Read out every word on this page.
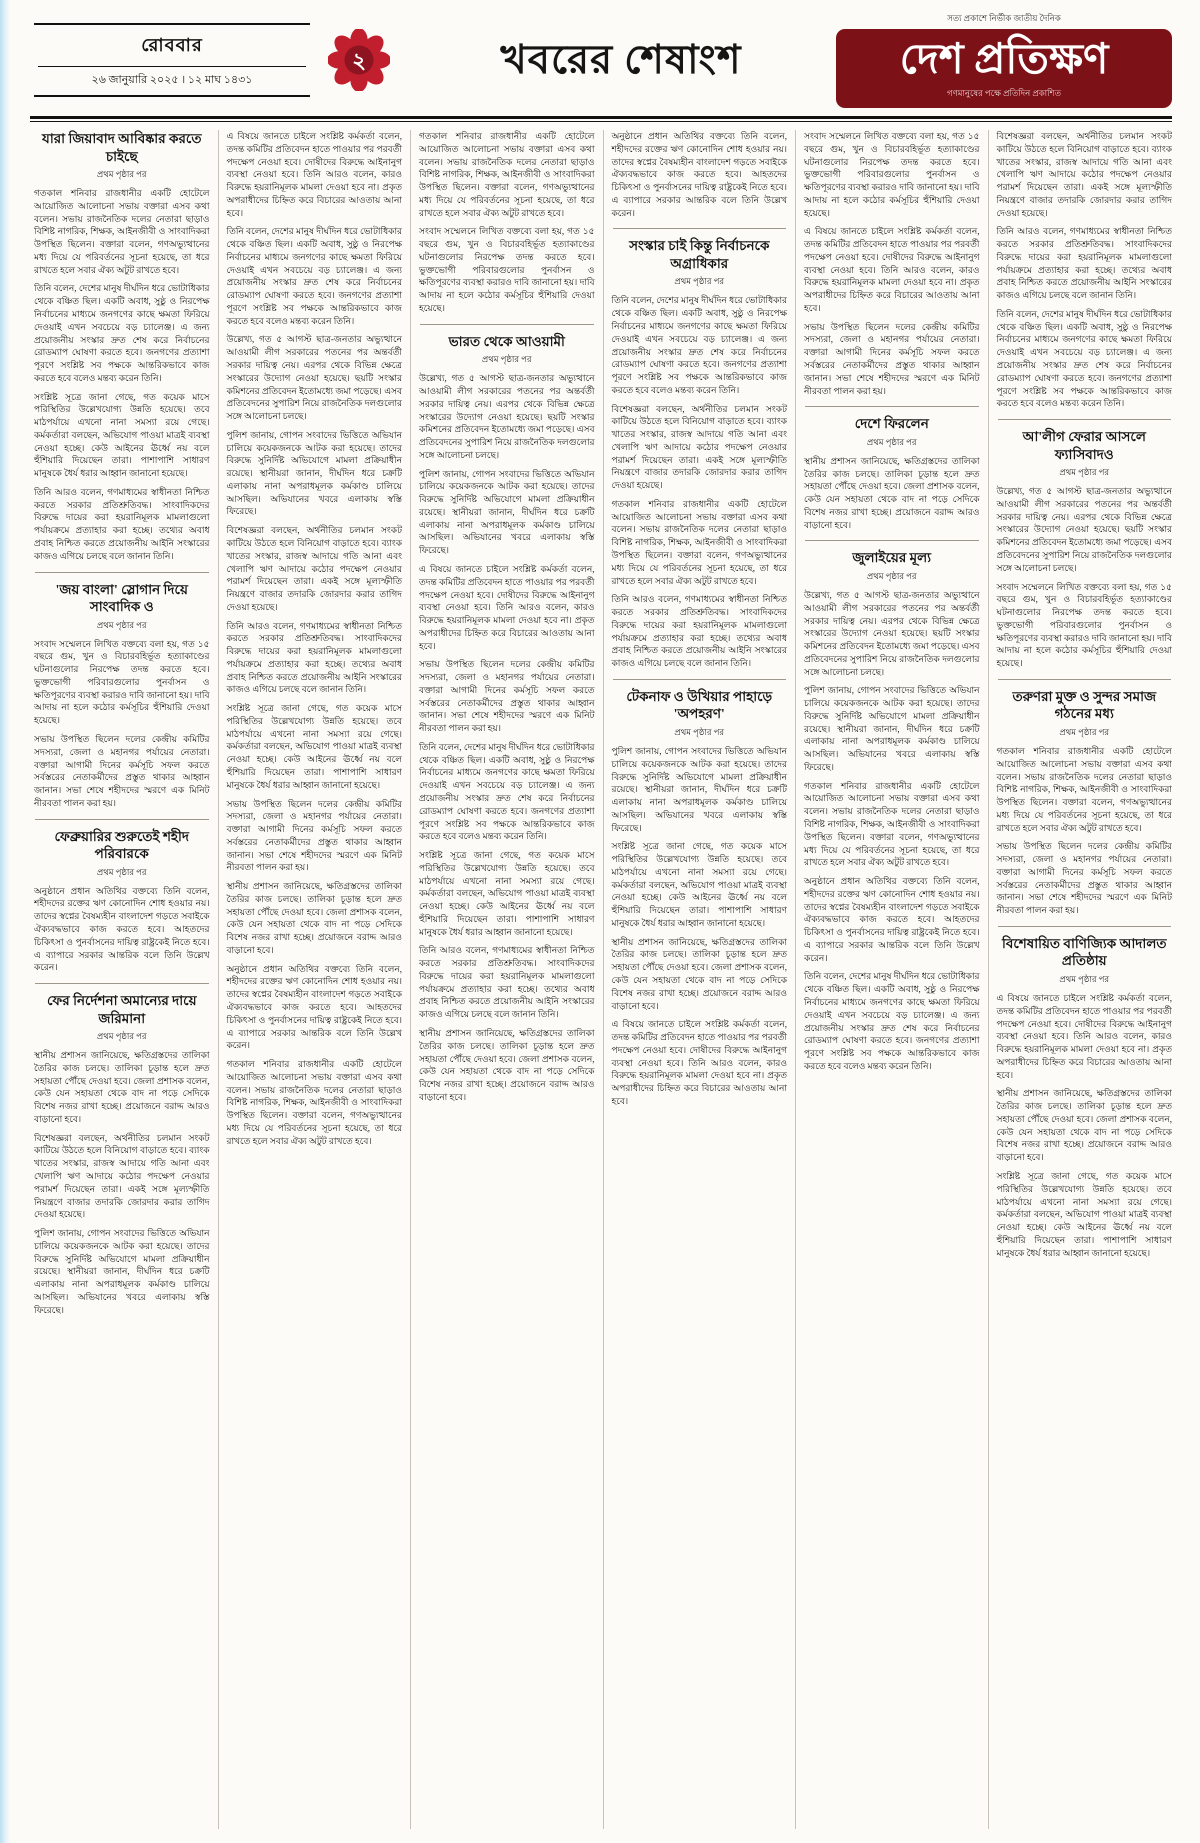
রোববার
২৬ জানুয়ারি ২০২৫ । ১২ মাঘ ১৪৩১
২	খবরের শেষাংশ
সত্য প্রকাশে নির্ভীক জাতীয় দৈনিক
দেশ প্রতিক্ষণ
গণমানুষের পক্ষে প্রতিদিন প্রকাশিত
যারা জিয়াবাদ আবিষ্কার করতে চাইছে
প্রথম পৃষ্ঠার পর
গতকাল শনিবার রাজধানীর একটি হোটেলে আয়োজিত আলোচনা সভায় বক্তারা এসব কথা বলেন। সভায় রাজনৈতিক দলের নেতারা ছাড়াও বিশিষ্ট নাগরিক, শিক্ষক, আইনজীবী ও সাংবাদিকরা উপস্থিত ছিলেন। বক্তারা বলেন, গণঅভ্যুত্থানের মধ্য দিয়ে যে পরিবর্তনের সূচনা হয়েছে, তা ধরে রাখতে হলে সবার ঐক্য অটুট রাখতে হবে।
তিনি বলেন, দেশের মানুষ দীর্ঘদিন ধরে ভোটাধিকার থেকে বঞ্চিত ছিল। একটি অবাধ, সুষ্ঠু ও নিরপেক্ষ নির্বাচনের মাধ্যমে জনগণের কাছে ক্ষমতা ফিরিয়ে দেওয়াই এখন সবচেয়ে বড় চ্যালেঞ্জ। এ জন্য প্রয়োজনীয় সংস্কার দ্রুত শেষ করে নির্বাচনের রোডম্যাপ ঘোষণা করতে হবে। জনগণের প্রত্যাশা পূরণে সংশ্লিষ্ট সব পক্ষকে আন্তরিকভাবে কাজ করতে হবে বলেও মন্তব্য করেন তিনি।
সংশ্লিষ্ট সূত্রে জানা গেছে, গত কয়েক মাসে পরিস্থিতির উল্লেখযোগ্য উন্নতি হয়েছে। তবে মাঠপর্যায়ে এখনো নানা সমস্যা রয়ে গেছে। কর্মকর্তারা বলছেন, অভিযোগ পাওয়া মাত্রই ব্যবস্থা নেওয়া হচ্ছে। কেউ আইনের ঊর্ধ্বে নয় বলে হুঁশিয়ারি দিয়েছেন তারা। পাশাপাশি সাধারণ মানুষকে ধৈর্য ধরার আহ্বান জানানো হয়েছে।
তিনি আরও বলেন, গণমাধ্যমের স্বাধীনতা নিশ্চিত করতে সরকার প্রতিশ্রুতিবদ্ধ। সাংবাদিকদের বিরুদ্ধে দায়ের করা হয়রানিমূলক মামলাগুলো পর্যায়ক্রমে প্রত্যাহার করা হচ্ছে। তথ্যের অবাধ প্রবাহ নিশ্চিত করতে প্রয়োজনীয় আইনি সংস্কারের কাজও এগিয়ে চলছে বলে জানান তিনি।
'জয় বাংলা' স্লোগান দিয়ে সাংবাদিক ও
প্রথম পৃষ্ঠার পর
সংবাদ সম্মেলনে লিখিত বক্তব্যে বলা হয়, গত ১৫ বছরে গুম, খুন ও বিচারবহির্ভূত হত্যাকাণ্ডের ঘটনাগুলোর নিরপেক্ষ তদন্ত করতে হবে। ভুক্তভোগী পরিবারগুলোর পুনর্বাসন ও ক্ষতিপূরণের ব্যবস্থা করারও দাবি জানানো হয়। দাবি আদায় না হলে কঠোর কর্মসূচির হুঁশিয়ারি দেওয়া হয়েছে।
সভায় উপস্থিত ছিলেন দলের কেন্দ্রীয় কমিটির সদস্যরা, জেলা ও মহানগর পর্যায়ের নেতারা। বক্তারা আগামী দিনের কর্মসূচি সফল করতে সর্বস্তরের নেতাকর্মীদের প্রস্তুত থাকার আহ্বান জানান। সভা শেষে শহীদদের স্মরণে এক মিনিট নীরবতা পালন করা হয়।
ফেব্রুয়ারির শুরুতেই শহীদ পরিবারকে
প্রথম পৃষ্ঠার পর
অনুষ্ঠানে প্রধান অতিথির বক্তব্যে তিনি বলেন, শহীদদের রক্তের ঋণ কোনোদিন শোধ হওয়ার নয়। তাদের স্বপ্নের বৈষম্যহীন বাংলাদেশ গড়তে সবাইকে ঐক্যবদ্ধভাবে কাজ করতে হবে। আহতদের চিকিৎসা ও পুনর্বাসনের দায়িত্ব রাষ্ট্রকেই নিতে হবে। এ ব্যাপারে সরকার আন্তরিক বলে তিনি উল্লেখ করেন।
ফের নির্দেশনা অমান্যের দায়ে জরিমানা
প্রথম পৃষ্ঠার পর
স্থানীয় প্রশাসন জানিয়েছে, ক্ষতিগ্রস্তদের তালিকা তৈরির কাজ চলছে। তালিকা চূড়ান্ত হলে দ্রুত সহায়তা পৌঁছে দেওয়া হবে। জেলা প্রশাসক বলেন, কেউ যেন সহায়তা থেকে বাদ না পড়ে সেদিকে বিশেষ নজর রাখা হচ্ছে। প্রয়োজনে বরাদ্দ আরও বাড়ানো হবে।
বিশেষজ্ঞরা বলছেন, অর্থনীতির চলমান সংকট কাটিয়ে উঠতে হলে বিনিয়োগ বাড়াতে হবে। ব্যাংক খাতের সংস্কার, রাজস্ব আদায়ে গতি আনা এবং খেলাপি ঋণ আদায়ে কঠোর পদক্ষেপ নেওয়ার পরামর্শ দিয়েছেন তারা। একই সঙ্গে মূল্যস্ফীতি নিয়ন্ত্রণে বাজার তদারকি জোরদার করার তাগিদ দেওয়া হয়েছে।
পুলিশ জানায়, গোপন সংবাদের ভিত্তিতে অভিযান চালিয়ে কয়েকজনকে আটক করা হয়েছে। তাদের বিরুদ্ধে সুনির্দিষ্ট অভিযোগে মামলা প্রক্রিয়াধীন রয়েছে। স্থানীয়রা জানান, দীর্ঘদিন ধরে চক্রটি এলাকায় নানা অপরাধমূলক কর্মকাণ্ড চালিয়ে আসছিল। অভিযানের খবরে এলাকায় স্বস্তি ফিরেছে।
এ বিষয়ে জানতে চাইলে সংশ্লিষ্ট কর্মকর্তা বলেন, তদন্ত কমিটির প্রতিবেদন হাতে পাওয়ার পর পরবর্তী পদক্ষেপ নেওয়া হবে। দোষীদের বিরুদ্ধে আইনানুগ ব্যবস্থা নেওয়া হবে। তিনি আরও বলেন, কারও বিরুদ্ধে হয়রানিমূলক মামলা দেওয়া হবে না। প্রকৃত অপরাধীদের চিহ্নিত করে বিচারের আওতায় আনা হবে।
তিনি বলেন, দেশের মানুষ দীর্ঘদিন ধরে ভোটাধিকার থেকে বঞ্চিত ছিল। একটি অবাধ, সুষ্ঠু ও নিরপেক্ষ নির্বাচনের মাধ্যমে জনগণের কাছে ক্ষমতা ফিরিয়ে দেওয়াই এখন সবচেয়ে বড় চ্যালেঞ্জ। এ জন্য প্রয়োজনীয় সংস্কার দ্রুত শেষ করে নির্বাচনের রোডম্যাপ ঘোষণা করতে হবে। জনগণের প্রত্যাশা পূরণে সংশ্লিষ্ট সব পক্ষকে আন্তরিকভাবে কাজ করতে হবে বলেও মন্তব্য করেন তিনি।
উল্লেখ্য, গত ৫ আগস্ট ছাত্র-জনতার অভ্যুত্থানে আওয়ামী লীগ সরকারের পতনের পর অন্তর্বর্তী সরকার দায়িত্ব নেয়। এরপর থেকে বিভিন্ন ক্ষেত্রে সংস্কারের উদ্যোগ নেওয়া হয়েছে। ছয়টি সংস্কার কমিশনের প্রতিবেদন ইতোমধ্যে জমা পড়েছে। এসব প্রতিবেদনের সুপারিশ নিয়ে রাজনৈতিক দলগুলোর সঙ্গে আলোচনা চলছে।
পুলিশ জানায়, গোপন সংবাদের ভিত্তিতে অভিযান চালিয়ে কয়েকজনকে আটক করা হয়েছে। তাদের বিরুদ্ধে সুনির্দিষ্ট অভিযোগে মামলা প্রক্রিয়াধীন রয়েছে। স্থানীয়রা জানান, দীর্ঘদিন ধরে চক্রটি এলাকায় নানা অপরাধমূলক কর্মকাণ্ড চালিয়ে আসছিল। অভিযানের খবরে এলাকায় স্বস্তি ফিরেছে।
বিশেষজ্ঞরা বলছেন, অর্থনীতির চলমান সংকট কাটিয়ে উঠতে হলে বিনিয়োগ বাড়াতে হবে। ব্যাংক খাতের সংস্কার, রাজস্ব আদায়ে গতি আনা এবং খেলাপি ঋণ আদায়ে কঠোর পদক্ষেপ নেওয়ার পরামর্শ দিয়েছেন তারা। একই সঙ্গে মূল্যস্ফীতি নিয়ন্ত্রণে বাজার তদারকি জোরদার করার তাগিদ দেওয়া হয়েছে।
তিনি আরও বলেন, গণমাধ্যমের স্বাধীনতা নিশ্চিত করতে সরকার প্রতিশ্রুতিবদ্ধ। সাংবাদিকদের বিরুদ্ধে দায়ের করা হয়রানিমূলক মামলাগুলো পর্যায়ক্রমে প্রত্যাহার করা হচ্ছে। তথ্যের অবাধ প্রবাহ নিশ্চিত করতে প্রয়োজনীয় আইনি সংস্কারের কাজও এগিয়ে চলছে বলে জানান তিনি।
সংশ্লিষ্ট সূত্রে জানা গেছে, গত কয়েক মাসে পরিস্থিতির উল্লেখযোগ্য উন্নতি হয়েছে। তবে মাঠপর্যায়ে এখনো নানা সমস্যা রয়ে গেছে। কর্মকর্তারা বলছেন, অভিযোগ পাওয়া মাত্রই ব্যবস্থা নেওয়া হচ্ছে। কেউ আইনের ঊর্ধ্বে নয় বলে হুঁশিয়ারি দিয়েছেন তারা। পাশাপাশি সাধারণ মানুষকে ধৈর্য ধরার আহ্বান জানানো হয়েছে।
সভায় উপস্থিত ছিলেন দলের কেন্দ্রীয় কমিটির সদস্যরা, জেলা ও মহানগর পর্যায়ের নেতারা। বক্তারা আগামী দিনের কর্মসূচি সফল করতে সর্বস্তরের নেতাকর্মীদের প্রস্তুত থাকার আহ্বান জানান। সভা শেষে শহীদদের স্মরণে এক মিনিট নীরবতা পালন করা হয়।
স্থানীয় প্রশাসন জানিয়েছে, ক্ষতিগ্রস্তদের তালিকা তৈরির কাজ চলছে। তালিকা চূড়ান্ত হলে দ্রুত সহায়তা পৌঁছে দেওয়া হবে। জেলা প্রশাসক বলেন, কেউ যেন সহায়তা থেকে বাদ না পড়ে সেদিকে বিশেষ নজর রাখা হচ্ছে। প্রয়োজনে বরাদ্দ আরও বাড়ানো হবে।
অনুষ্ঠানে প্রধান অতিথির বক্তব্যে তিনি বলেন, শহীদদের রক্তের ঋণ কোনোদিন শোধ হওয়ার নয়। তাদের স্বপ্নের বৈষম্যহীন বাংলাদেশ গড়তে সবাইকে ঐক্যবদ্ধভাবে কাজ করতে হবে। আহতদের চিকিৎসা ও পুনর্বাসনের দায়িত্ব রাষ্ট্রকেই নিতে হবে। এ ব্যাপারে সরকার আন্তরিক বলে তিনি উল্লেখ করেন।
গতকাল শনিবার রাজধানীর একটি হোটেলে আয়োজিত আলোচনা সভায় বক্তারা এসব কথা বলেন। সভায় রাজনৈতিক দলের নেতারা ছাড়াও বিশিষ্ট নাগরিক, শিক্ষক, আইনজীবী ও সাংবাদিকরা উপস্থিত ছিলেন। বক্তারা বলেন, গণঅভ্যুত্থানের মধ্য দিয়ে যে পরিবর্তনের সূচনা হয়েছে, তা ধরে রাখতে হলে সবার ঐক্য অটুট রাখতে হবে।
গতকাল শনিবার রাজধানীর একটি হোটেলে আয়োজিত আলোচনা সভায় বক্তারা এসব কথা বলেন। সভায় রাজনৈতিক দলের নেতারা ছাড়াও বিশিষ্ট নাগরিক, শিক্ষক, আইনজীবী ও সাংবাদিকরা উপস্থিত ছিলেন। বক্তারা বলেন, গণঅভ্যুত্থানের মধ্য দিয়ে যে পরিবর্তনের সূচনা হয়েছে, তা ধরে রাখতে হলে সবার ঐক্য অটুট রাখতে হবে।
সংবাদ সম্মেলনে লিখিত বক্তব্যে বলা হয়, গত ১৫ বছরে গুম, খুন ও বিচারবহির্ভূত হত্যাকাণ্ডের ঘটনাগুলোর নিরপেক্ষ তদন্ত করতে হবে। ভুক্তভোগী পরিবারগুলোর পুনর্বাসন ও ক্ষতিপূরণের ব্যবস্থা করারও দাবি জানানো হয়। দাবি আদায় না হলে কঠোর কর্মসূচির হুঁশিয়ারি দেওয়া হয়েছে।
ভারত থেকে আওয়ামী
প্রথম পৃষ্ঠার পর
উল্লেখ্য, গত ৫ আগস্ট ছাত্র-জনতার অভ্যুত্থানে আওয়ামী লীগ সরকারের পতনের পর অন্তর্বর্তী সরকার দায়িত্ব নেয়। এরপর থেকে বিভিন্ন ক্ষেত্রে সংস্কারের উদ্যোগ নেওয়া হয়েছে। ছয়টি সংস্কার কমিশনের প্রতিবেদন ইতোমধ্যে জমা পড়েছে। এসব প্রতিবেদনের সুপারিশ নিয়ে রাজনৈতিক দলগুলোর সঙ্গে আলোচনা চলছে।
পুলিশ জানায়, গোপন সংবাদের ভিত্তিতে অভিযান চালিয়ে কয়েকজনকে আটক করা হয়েছে। তাদের বিরুদ্ধে সুনির্দিষ্ট অভিযোগে মামলা প্রক্রিয়াধীন রয়েছে। স্থানীয়রা জানান, দীর্ঘদিন ধরে চক্রটি এলাকায় নানা অপরাধমূলক কর্মকাণ্ড চালিয়ে আসছিল। অভিযানের খবরে এলাকায় স্বস্তি ফিরেছে।
এ বিষয়ে জানতে চাইলে সংশ্লিষ্ট কর্মকর্তা বলেন, তদন্ত কমিটির প্রতিবেদন হাতে পাওয়ার পর পরবর্তী পদক্ষেপ নেওয়া হবে। দোষীদের বিরুদ্ধে আইনানুগ ব্যবস্থা নেওয়া হবে। তিনি আরও বলেন, কারও বিরুদ্ধে হয়রানিমূলক মামলা দেওয়া হবে না। প্রকৃত অপরাধীদের চিহ্নিত করে বিচারের আওতায় আনা হবে।
সভায় উপস্থিত ছিলেন দলের কেন্দ্রীয় কমিটির সদস্যরা, জেলা ও মহানগর পর্যায়ের নেতারা। বক্তারা আগামী দিনের কর্মসূচি সফল করতে সর্বস্তরের নেতাকর্মীদের প্রস্তুত থাকার আহ্বান জানান। সভা শেষে শহীদদের স্মরণে এক মিনিট নীরবতা পালন করা হয়।
তিনি বলেন, দেশের মানুষ দীর্ঘদিন ধরে ভোটাধিকার থেকে বঞ্চিত ছিল। একটি অবাধ, সুষ্ঠু ও নিরপেক্ষ নির্বাচনের মাধ্যমে জনগণের কাছে ক্ষমতা ফিরিয়ে দেওয়াই এখন সবচেয়ে বড় চ্যালেঞ্জ। এ জন্য প্রয়োজনীয় সংস্কার দ্রুত শেষ করে নির্বাচনের রোডম্যাপ ঘোষণা করতে হবে। জনগণের প্রত্যাশা পূরণে সংশ্লিষ্ট সব পক্ষকে আন্তরিকভাবে কাজ করতে হবে বলেও মন্তব্য করেন তিনি।
সংশ্লিষ্ট সূত্রে জানা গেছে, গত কয়েক মাসে পরিস্থিতির উল্লেখযোগ্য উন্নতি হয়েছে। তবে মাঠপর্যায়ে এখনো নানা সমস্যা রয়ে গেছে। কর্মকর্তারা বলছেন, অভিযোগ পাওয়া মাত্রই ব্যবস্থা নেওয়া হচ্ছে। কেউ আইনের ঊর্ধ্বে নয় বলে হুঁশিয়ারি দিয়েছেন তারা। পাশাপাশি সাধারণ মানুষকে ধৈর্য ধরার আহ্বান জানানো হয়েছে।
তিনি আরও বলেন, গণমাধ্যমের স্বাধীনতা নিশ্চিত করতে সরকার প্রতিশ্রুতিবদ্ধ। সাংবাদিকদের বিরুদ্ধে দায়ের করা হয়রানিমূলক মামলাগুলো পর্যায়ক্রমে প্রত্যাহার করা হচ্ছে। তথ্যের অবাধ প্রবাহ নিশ্চিত করতে প্রয়োজনীয় আইনি সংস্কারের কাজও এগিয়ে চলছে বলে জানান তিনি।
স্থানীয় প্রশাসন জানিয়েছে, ক্ষতিগ্রস্তদের তালিকা তৈরির কাজ চলছে। তালিকা চূড়ান্ত হলে দ্রুত সহায়তা পৌঁছে দেওয়া হবে। জেলা প্রশাসক বলেন, কেউ যেন সহায়তা থেকে বাদ না পড়ে সেদিকে বিশেষ নজর রাখা হচ্ছে। প্রয়োজনে বরাদ্দ আরও বাড়ানো হবে।
অনুষ্ঠানে প্রধান অতিথির বক্তব্যে তিনি বলেন, শহীদদের রক্তের ঋণ কোনোদিন শোধ হওয়ার নয়। তাদের স্বপ্নের বৈষম্যহীন বাংলাদেশ গড়তে সবাইকে ঐক্যবদ্ধভাবে কাজ করতে হবে। আহতদের চিকিৎসা ও পুনর্বাসনের দায়িত্ব রাষ্ট্রকেই নিতে হবে। এ ব্যাপারে সরকার আন্তরিক বলে তিনি উল্লেখ করেন।
সংস্কার চাই কিন্তু নির্বাচনকে অগ্রাধিকার
প্রথম পৃষ্ঠার পর
তিনি বলেন, দেশের মানুষ দীর্ঘদিন ধরে ভোটাধিকার থেকে বঞ্চিত ছিল। একটি অবাধ, সুষ্ঠু ও নিরপেক্ষ নির্বাচনের মাধ্যমে জনগণের কাছে ক্ষমতা ফিরিয়ে দেওয়াই এখন সবচেয়ে বড় চ্যালেঞ্জ। এ জন্য প্রয়োজনীয় সংস্কার দ্রুত শেষ করে নির্বাচনের রোডম্যাপ ঘোষণা করতে হবে। জনগণের প্রত্যাশা পূরণে সংশ্লিষ্ট সব পক্ষকে আন্তরিকভাবে কাজ করতে হবে বলেও মন্তব্য করেন তিনি।
বিশেষজ্ঞরা বলছেন, অর্থনীতির চলমান সংকট কাটিয়ে উঠতে হলে বিনিয়োগ বাড়াতে হবে। ব্যাংক খাতের সংস্কার, রাজস্ব আদায়ে গতি আনা এবং খেলাপি ঋণ আদায়ে কঠোর পদক্ষেপ নেওয়ার পরামর্শ দিয়েছেন তারা। একই সঙ্গে মূল্যস্ফীতি নিয়ন্ত্রণে বাজার তদারকি জোরদার করার তাগিদ দেওয়া হয়েছে।
গতকাল শনিবার রাজধানীর একটি হোটেলে আয়োজিত আলোচনা সভায় বক্তারা এসব কথা বলেন। সভায় রাজনৈতিক দলের নেতারা ছাড়াও বিশিষ্ট নাগরিক, শিক্ষক, আইনজীবী ও সাংবাদিকরা উপস্থিত ছিলেন। বক্তারা বলেন, গণঅভ্যুত্থানের মধ্য দিয়ে যে পরিবর্তনের সূচনা হয়েছে, তা ধরে রাখতে হলে সবার ঐক্য অটুট রাখতে হবে।
তিনি আরও বলেন, গণমাধ্যমের স্বাধীনতা নিশ্চিত করতে সরকার প্রতিশ্রুতিবদ্ধ। সাংবাদিকদের বিরুদ্ধে দায়ের করা হয়রানিমূলক মামলাগুলো পর্যায়ক্রমে প্রত্যাহার করা হচ্ছে। তথ্যের অবাধ প্রবাহ নিশ্চিত করতে প্রয়োজনীয় আইনি সংস্কারের কাজও এগিয়ে চলছে বলে জানান তিনি।
টেকনাফ ও উখিয়ার পাহাড়ে 'অপহরণ'
প্রথম পৃষ্ঠার পর
পুলিশ জানায়, গোপন সংবাদের ভিত্তিতে অভিযান চালিয়ে কয়েকজনকে আটক করা হয়েছে। তাদের বিরুদ্ধে সুনির্দিষ্ট অভিযোগে মামলা প্রক্রিয়াধীন রয়েছে। স্থানীয়রা জানান, দীর্ঘদিন ধরে চক্রটি এলাকায় নানা অপরাধমূলক কর্মকাণ্ড চালিয়ে আসছিল। অভিযানের খবরে এলাকায় স্বস্তি ফিরেছে।
সংশ্লিষ্ট সূত্রে জানা গেছে, গত কয়েক মাসে পরিস্থিতির উল্লেখযোগ্য উন্নতি হয়েছে। তবে মাঠপর্যায়ে এখনো নানা সমস্যা রয়ে গেছে। কর্মকর্তারা বলছেন, অভিযোগ পাওয়া মাত্রই ব্যবস্থা নেওয়া হচ্ছে। কেউ আইনের ঊর্ধ্বে নয় বলে হুঁশিয়ারি দিয়েছেন তারা। পাশাপাশি সাধারণ মানুষকে ধৈর্য ধরার আহ্বান জানানো হয়েছে।
স্থানীয় প্রশাসন জানিয়েছে, ক্ষতিগ্রস্তদের তালিকা তৈরির কাজ চলছে। তালিকা চূড়ান্ত হলে দ্রুত সহায়তা পৌঁছে দেওয়া হবে। জেলা প্রশাসক বলেন, কেউ যেন সহায়তা থেকে বাদ না পড়ে সেদিকে বিশেষ নজর রাখা হচ্ছে। প্রয়োজনে বরাদ্দ আরও বাড়ানো হবে।
এ বিষয়ে জানতে চাইলে সংশ্লিষ্ট কর্মকর্তা বলেন, তদন্ত কমিটির প্রতিবেদন হাতে পাওয়ার পর পরবর্তী পদক্ষেপ নেওয়া হবে। দোষীদের বিরুদ্ধে আইনানুগ ব্যবস্থা নেওয়া হবে। তিনি আরও বলেন, কারও বিরুদ্ধে হয়রানিমূলক মামলা দেওয়া হবে না। প্রকৃত অপরাধীদের চিহ্নিত করে বিচারের আওতায় আনা হবে।
সংবাদ সম্মেলনে লিখিত বক্তব্যে বলা হয়, গত ১৫ বছরে গুম, খুন ও বিচারবহির্ভূত হত্যাকাণ্ডের ঘটনাগুলোর নিরপেক্ষ তদন্ত করতে হবে। ভুক্তভোগী পরিবারগুলোর পুনর্বাসন ও ক্ষতিপূরণের ব্যবস্থা করারও দাবি জানানো হয়। দাবি আদায় না হলে কঠোর কর্মসূচির হুঁশিয়ারি দেওয়া হয়েছে।
এ বিষয়ে জানতে চাইলে সংশ্লিষ্ট কর্মকর্তা বলেন, তদন্ত কমিটির প্রতিবেদন হাতে পাওয়ার পর পরবর্তী পদক্ষেপ নেওয়া হবে। দোষীদের বিরুদ্ধে আইনানুগ ব্যবস্থা নেওয়া হবে। তিনি আরও বলেন, কারও বিরুদ্ধে হয়রানিমূলক মামলা দেওয়া হবে না। প্রকৃত অপরাধীদের চিহ্নিত করে বিচারের আওতায় আনা হবে।
সভায় উপস্থিত ছিলেন দলের কেন্দ্রীয় কমিটির সদস্যরা, জেলা ও মহানগর পর্যায়ের নেতারা। বক্তারা আগামী দিনের কর্মসূচি সফল করতে সর্বস্তরের নেতাকর্মীদের প্রস্তুত থাকার আহ্বান জানান। সভা শেষে শহীদদের স্মরণে এক মিনিট নীরবতা পালন করা হয়।
দেশে ফিরলেন
প্রথম পৃষ্ঠার পর
স্থানীয় প্রশাসন জানিয়েছে, ক্ষতিগ্রস্তদের তালিকা তৈরির কাজ চলছে। তালিকা চূড়ান্ত হলে দ্রুত সহায়তা পৌঁছে দেওয়া হবে। জেলা প্রশাসক বলেন, কেউ যেন সহায়তা থেকে বাদ না পড়ে সেদিকে বিশেষ নজর রাখা হচ্ছে। প্রয়োজনে বরাদ্দ আরও বাড়ানো হবে।
জুলাইয়ের মূল্য
প্রথম পৃষ্ঠার পর
উল্লেখ্য, গত ৫ আগস্ট ছাত্র-জনতার অভ্যুত্থানে আওয়ামী লীগ সরকারের পতনের পর অন্তর্বর্তী সরকার দায়িত্ব নেয়। এরপর থেকে বিভিন্ন ক্ষেত্রে সংস্কারের উদ্যোগ নেওয়া হয়েছে। ছয়টি সংস্কার কমিশনের প্রতিবেদন ইতোমধ্যে জমা পড়েছে। এসব প্রতিবেদনের সুপারিশ নিয়ে রাজনৈতিক দলগুলোর সঙ্গে আলোচনা চলছে।
পুলিশ জানায়, গোপন সংবাদের ভিত্তিতে অভিযান চালিয়ে কয়েকজনকে আটক করা হয়েছে। তাদের বিরুদ্ধে সুনির্দিষ্ট অভিযোগে মামলা প্রক্রিয়াধীন রয়েছে। স্থানীয়রা জানান, দীর্ঘদিন ধরে চক্রটি এলাকায় নানা অপরাধমূলক কর্মকাণ্ড চালিয়ে আসছিল। অভিযানের খবরে এলাকায় স্বস্তি ফিরেছে।
গতকাল শনিবার রাজধানীর একটি হোটেলে আয়োজিত আলোচনা সভায় বক্তারা এসব কথা বলেন। সভায় রাজনৈতিক দলের নেতারা ছাড়াও বিশিষ্ট নাগরিক, শিক্ষক, আইনজীবী ও সাংবাদিকরা উপস্থিত ছিলেন। বক্তারা বলেন, গণঅভ্যুত্থানের মধ্য দিয়ে যে পরিবর্তনের সূচনা হয়েছে, তা ধরে রাখতে হলে সবার ঐক্য অটুট রাখতে হবে।
অনুষ্ঠানে প্রধান অতিথির বক্তব্যে তিনি বলেন, শহীদদের রক্তের ঋণ কোনোদিন শোধ হওয়ার নয়। তাদের স্বপ্নের বৈষম্যহীন বাংলাদেশ গড়তে সবাইকে ঐক্যবদ্ধভাবে কাজ করতে হবে। আহতদের চিকিৎসা ও পুনর্বাসনের দায়িত্ব রাষ্ট্রকেই নিতে হবে। এ ব্যাপারে সরকার আন্তরিক বলে তিনি উল্লেখ করেন।
তিনি বলেন, দেশের মানুষ দীর্ঘদিন ধরে ভোটাধিকার থেকে বঞ্চিত ছিল। একটি অবাধ, সুষ্ঠু ও নিরপেক্ষ নির্বাচনের মাধ্যমে জনগণের কাছে ক্ষমতা ফিরিয়ে দেওয়াই এখন সবচেয়ে বড় চ্যালেঞ্জ। এ জন্য প্রয়োজনীয় সংস্কার দ্রুত শেষ করে নির্বাচনের রোডম্যাপ ঘোষণা করতে হবে। জনগণের প্রত্যাশা পূরণে সংশ্লিষ্ট সব পক্ষকে আন্তরিকভাবে কাজ করতে হবে বলেও মন্তব্য করেন তিনি।
বিশেষজ্ঞরা বলছেন, অর্থনীতির চলমান সংকট কাটিয়ে উঠতে হলে বিনিয়োগ বাড়াতে হবে। ব্যাংক খাতের সংস্কার, রাজস্ব আদায়ে গতি আনা এবং খেলাপি ঋণ আদায়ে কঠোর পদক্ষেপ নেওয়ার পরামর্শ দিয়েছেন তারা। একই সঙ্গে মূল্যস্ফীতি নিয়ন্ত্রণে বাজার তদারকি জোরদার করার তাগিদ দেওয়া হয়েছে।
তিনি আরও বলেন, গণমাধ্যমের স্বাধীনতা নিশ্চিত করতে সরকার প্রতিশ্রুতিবদ্ধ। সাংবাদিকদের বিরুদ্ধে দায়ের করা হয়রানিমূলক মামলাগুলো পর্যায়ক্রমে প্রত্যাহার করা হচ্ছে। তথ্যের অবাধ প্রবাহ নিশ্চিত করতে প্রয়োজনীয় আইনি সংস্কারের কাজও এগিয়ে চলছে বলে জানান তিনি।
তিনি বলেন, দেশের মানুষ দীর্ঘদিন ধরে ভোটাধিকার থেকে বঞ্চিত ছিল। একটি অবাধ, সুষ্ঠু ও নিরপেক্ষ নির্বাচনের মাধ্যমে জনগণের কাছে ক্ষমতা ফিরিয়ে দেওয়াই এখন সবচেয়ে বড় চ্যালেঞ্জ। এ জন্য প্রয়োজনীয় সংস্কার দ্রুত শেষ করে নির্বাচনের রোডম্যাপ ঘোষণা করতে হবে। জনগণের প্রত্যাশা পূরণে সংশ্লিষ্ট সব পক্ষকে আন্তরিকভাবে কাজ করতে হবে বলেও মন্তব্য করেন তিনি।
আ'লীগ ফেরার আসলে ফ্যাসিবাদও
প্রথম পৃষ্ঠার পর
উল্লেখ্য, গত ৫ আগস্ট ছাত্র-জনতার অভ্যুত্থানে আওয়ামী লীগ সরকারের পতনের পর অন্তর্বর্তী সরকার দায়িত্ব নেয়। এরপর থেকে বিভিন্ন ক্ষেত্রে সংস্কারের উদ্যোগ নেওয়া হয়েছে। ছয়টি সংস্কার কমিশনের প্রতিবেদন ইতোমধ্যে জমা পড়েছে। এসব প্রতিবেদনের সুপারিশ নিয়ে রাজনৈতিক দলগুলোর সঙ্গে আলোচনা চলছে।
সংবাদ সম্মেলনে লিখিত বক্তব্যে বলা হয়, গত ১৫ বছরে গুম, খুন ও বিচারবহির্ভূত হত্যাকাণ্ডের ঘটনাগুলোর নিরপেক্ষ তদন্ত করতে হবে। ভুক্তভোগী পরিবারগুলোর পুনর্বাসন ও ক্ষতিপূরণের ব্যবস্থা করারও দাবি জানানো হয়। দাবি আদায় না হলে কঠোর কর্মসূচির হুঁশিয়ারি দেওয়া হয়েছে।
তরুণরা মুক্ত ও সুন্দর সমাজ গঠনের মধ্য
প্রথম পৃষ্ঠার পর
গতকাল শনিবার রাজধানীর একটি হোটেলে আয়োজিত আলোচনা সভায় বক্তারা এসব কথা বলেন। সভায় রাজনৈতিক দলের নেতারা ছাড়াও বিশিষ্ট নাগরিক, শিক্ষক, আইনজীবী ও সাংবাদিকরা উপস্থিত ছিলেন। বক্তারা বলেন, গণঅভ্যুত্থানের মধ্য দিয়ে যে পরিবর্তনের সূচনা হয়েছে, তা ধরে রাখতে হলে সবার ঐক্য অটুট রাখতে হবে।
সভায় উপস্থিত ছিলেন দলের কেন্দ্রীয় কমিটির সদস্যরা, জেলা ও মহানগর পর্যায়ের নেতারা। বক্তারা আগামী দিনের কর্মসূচি সফল করতে সর্বস্তরের নেতাকর্মীদের প্রস্তুত থাকার আহ্বান জানান। সভা শেষে শহীদদের স্মরণে এক মিনিট নীরবতা পালন করা হয়।
বিশেষায়িত বাণিজ্যিক আদালত প্রতিষ্ঠায়
প্রথম পৃষ্ঠার পর
এ বিষয়ে জানতে চাইলে সংশ্লিষ্ট কর্মকর্তা বলেন, তদন্ত কমিটির প্রতিবেদন হাতে পাওয়ার পর পরবর্তী পদক্ষেপ নেওয়া হবে। দোষীদের বিরুদ্ধে আইনানুগ ব্যবস্থা নেওয়া হবে। তিনি আরও বলেন, কারও বিরুদ্ধে হয়রানিমূলক মামলা দেওয়া হবে না। প্রকৃত অপরাধীদের চিহ্নিত করে বিচারের আওতায় আনা হবে।
স্থানীয় প্রশাসন জানিয়েছে, ক্ষতিগ্রস্তদের তালিকা তৈরির কাজ চলছে। তালিকা চূড়ান্ত হলে দ্রুত সহায়তা পৌঁছে দেওয়া হবে। জেলা প্রশাসক বলেন, কেউ যেন সহায়তা থেকে বাদ না পড়ে সেদিকে বিশেষ নজর রাখা হচ্ছে। প্রয়োজনে বরাদ্দ আরও বাড়ানো হবে।
সংশ্লিষ্ট সূত্রে জানা গেছে, গত কয়েক মাসে পরিস্থিতির উল্লেখযোগ্য উন্নতি হয়েছে। তবে মাঠপর্যায়ে এখনো নানা সমস্যা রয়ে গেছে। কর্মকর্তারা বলছেন, অভিযোগ পাওয়া মাত্রই ব্যবস্থা নেওয়া হচ্ছে। কেউ আইনের ঊর্ধ্বে নয় বলে হুঁশিয়ারি দিয়েছেন তারা। পাশাপাশি সাধারণ মানুষকে ধৈর্য ধরার আহ্বান জানানো হয়েছে।
